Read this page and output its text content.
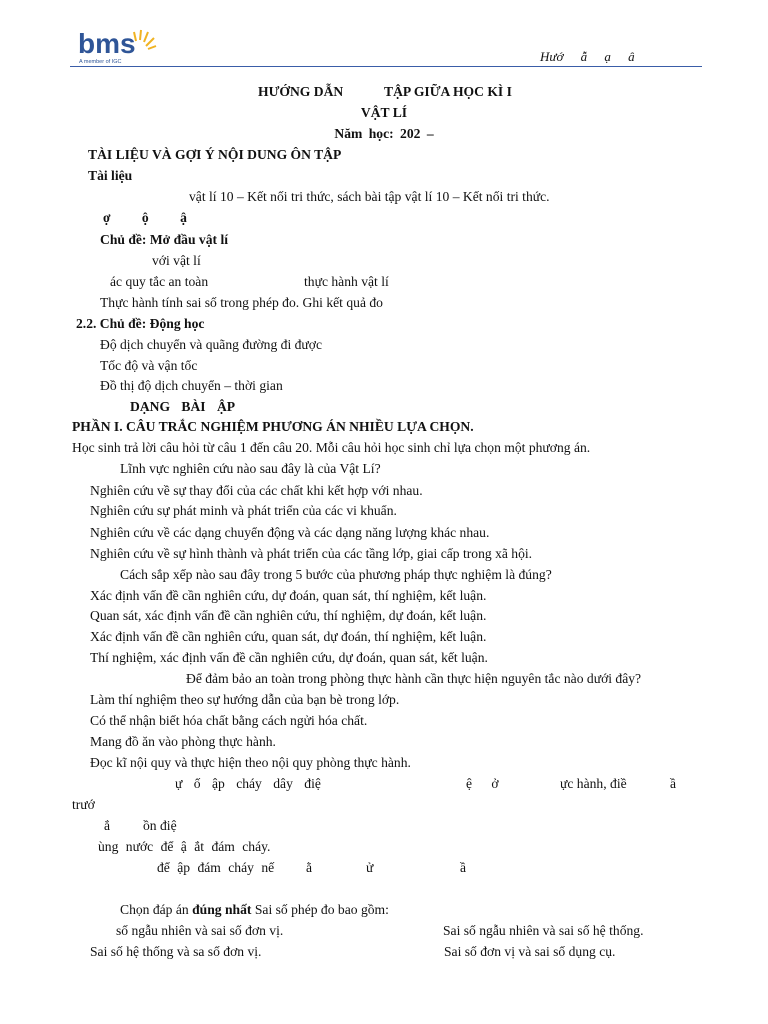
bms
A member of IGC	Hướ ẫ ạ â
HƯỚNG DẪN	TẬP GIỮA HỌC KÌ I
VẬT LÍ
Năm học: 202 –
TÀI LIỆU VÀ GỢI Ý NỘI DUNG ÔN TẬP
Tài liệu
vật lí 10 – Kết nối tri thức, sách bài tập vật lí 10 – Kết nối tri thức.
ợ ộ ậ
Chủ đề: Mở đầu vật lí
với vật lí
ác quy tắc an toàn	thực hành vật lí
Thực hành tính sai số trong phép đo. Ghi kết quả đo
2.2. Chủ đề: Động học
Độ dịch chuyển và quãng đường đi được
Tốc độ và vận tốc
Đồ thị độ dịch chuyển – thời gian
DẠNG BÀI ẬP
PHẦN I. CÂU TRẮC NGHIỆM PHƯƠNG ÁN NHIỀU LỰA CHỌN.
Học sinh trả lời câu hỏi từ câu 1 đến câu 20. Mỗi câu hỏi học sinh chỉ lựa chọn một phương án.
Lĩnh vực nghiên cứu nào sau đây là của Vật Lí?
Nghiên cứu về sự thay đổi của các chất khi kết hợp với nhau.
Nghiên cứu sự phát minh và phát triển của các vi khuẩn.
Nghiên cứu về các dạng chuyển động và các dạng năng lượng khác nhau.
Nghiên cứu về sự hình thành và phát triển của các tầng lớp, giai cấp trong xã hội.
Cách sắp xếp nào sau đây trong 5 bước của phương pháp thực nghiệm là đúng?
Xác định vấn đề cần nghiên cứu, dự đoán, quan sát, thí nghiệm, kết luận.
Quan sát, xác định vấn đề cần nghiên cứu, thí nghiệm, dự đoán, kết luận.
Xác định vấn đề cần nghiên cứu, quan sát, dự đoán, thí nghiệm, kết luận.
Thí nghiệm, xác định vấn đề cần nghiên cứu, dự đoán, quan sát, kết luận.
Để đảm bảo an toàn trong phòng thực hành cần thực hiện nguyên tắc nào dưới đây?
Làm thí nghiệm theo sự hướng dẫn của bạn bè trong lớp.
Có thể nhận biết hóa chất bằng cách ngửi hóa chất.
Mang đồ ăn vào phòng thực hành.
Đọc kĩ nội quy và thực hiện theo nội quy phòng thực hành.
ự ố ập cháy dây điệ	ệ ở	ực hành, điề	ầ
trướ
ắ ồn điệ
ùng nước để ậ ắt đám cháy.
để ập đám cháy nế ằ	ử	ầ
Chọn đáp án đúng nhất Sai số phép đo bao gồm:
số ngẫu nhiên và sai số đơn vị.	Sai số ngẫu nhiên và sai số hệ thống.
Sai số hệ thống và sa số đơn vị.	Sai số đơn vị và sai số dụng cụ.
